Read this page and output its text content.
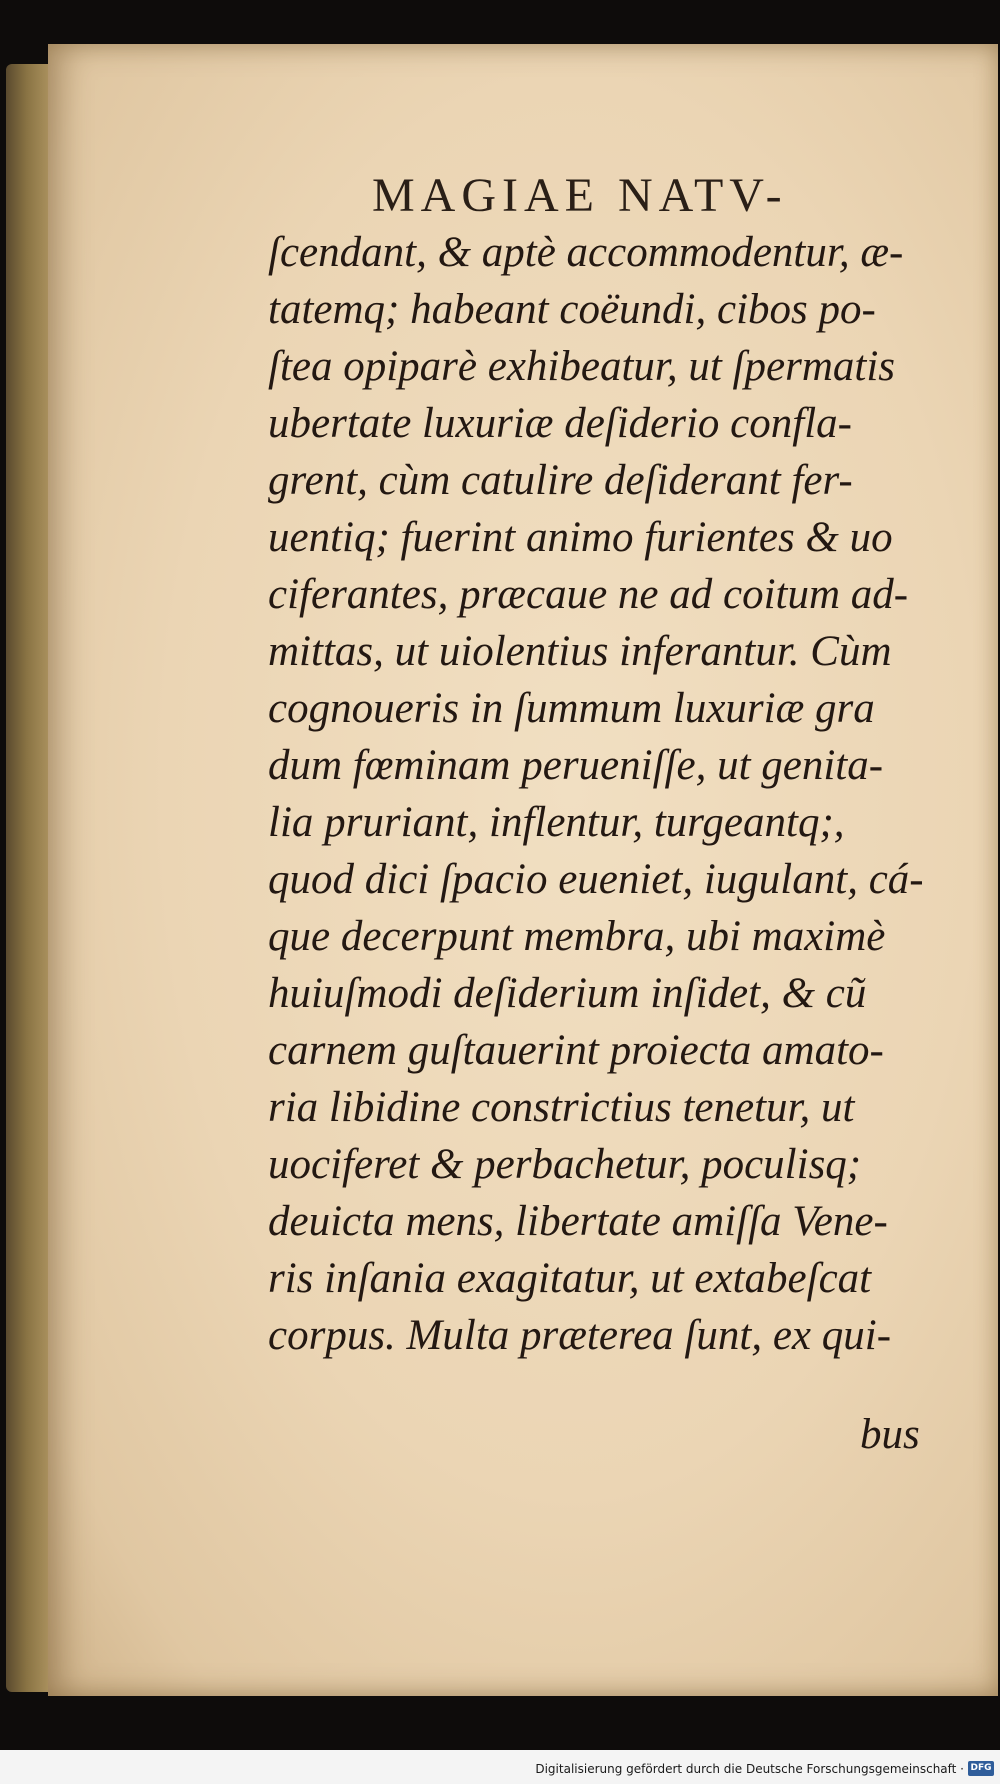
MAGIAE NATV-
ſcendant, & aptè accommodentur, æ-
tatemq; habeant coëundi, cibos po-
ſtea opiparè exhibeatur, ut ſpermatis
ubertate luxuriæ deſiderio confla-
grent, cùm catulire deſiderant fer-
uentiq; fuerint animo furientes & uo
ciferantes, præcaue ne ad coitum ad-
mittas, ut uiolentius inferantur. Cùm
cognoueris in ſummum luxuriæ gra
dum fœminam perueniſſe, ut genita-
lia pruriant, inflentur, turgeantq;,
quod dici ſpacio eueniet, iugulant, cá-
que decerpunt membra, ubi maximè
huiuſmodi deſiderium inſidet, & cũ
carnem guſtauerint proiecta amato-
ria libidine constrictius tenetur, ut
uociferet & perbachetur, poculisq;
deuicta mens, libertate amiſſa Vene-
ris inſania exagitatur, ut extabeſcat
corpus. Multa præterea ſunt, ex qui-
bus
Digitalisierung gefördert durch die Deutsche Forschungsgemeinschaft · DFG
